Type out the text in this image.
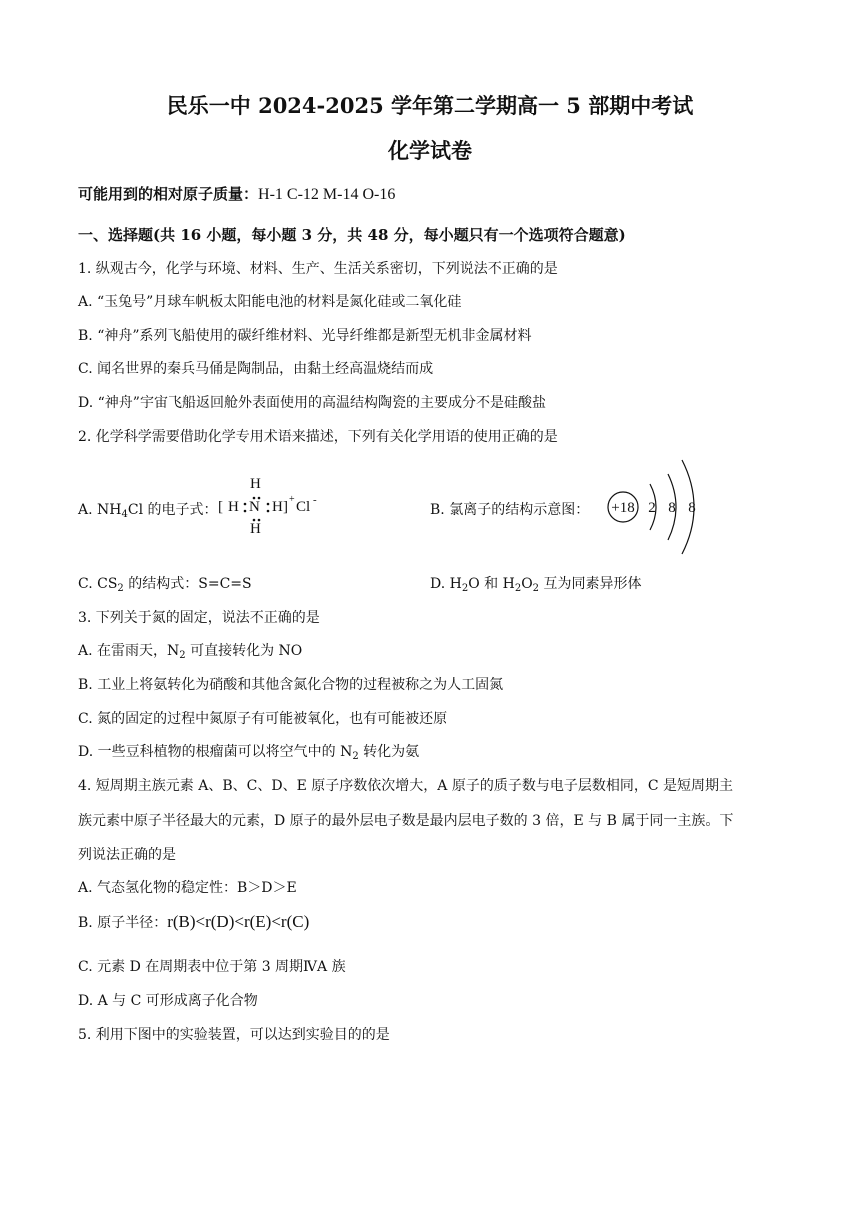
民乐一中 2024-2025 学年第二学期高一 5 部期中考试
化学试卷
可能用到的相对原子质量：H-1 C-12 M-14 O-16
一、选择题(共 16 小题，每小题 3 分，共 48 分，每小题只有一个选项符合题意)
1. 纵观古今，化学与环境、材料、生产、生活关系密切，下列说法不正确的是
A. “玉兔号”月球车帆板太阳能电池的材料是氮化硅或二氧化硅
B. “神舟”系列飞船使用的碳纤维材料、光导纤维都是新型无机非金属材料
C. 闻名世界的秦兵马俑是陶制品，由黏土经高温烧结而成
D. “神舟”宇宙飞船返回舱外表面使用的高温结构陶瓷的主要成分不是硅酸盐
2. 化学科学需要借助化学专用术语来描述，下列有关化学用语的使用正确的是
A. $NH_4Cl$ 的电子式： [
H
H N H
H
] + Cl -
B. 氯离子的结构示意图： +18 2 8 8
C. $CS_2$ 的结构式：S=C=S	D. $H_2O$ 和 $H_2O_2$ 互为同素异形体
3. 下列关于氮的固定，说法不正确的是
A. 在雷雨天，$N_2$ 可直接转化为 NO
B. 工业上将氨转化为硝酸和其他含氮化合物的过程被称之为人工固氮
C. 氮的固定的过程中氮原子有可能被氧化，也有可能被还原
D. 一些豆科植物的根瘤菌可以将空气中的 $N_2$ 转化为氨
4. 短周期主族元素 A、B、C、D、E 原子序数依次增大，A 原子的质子数与电子层数相同，C 是短周期主
族元素中原子半径最大的元素，D 原子的最外层电子数是最内层电子数的 3 倍，E 与 B 属于同一主族。下
列说法正确的是
A. 气态氢化物的稳定性：B＞D＞E
B. 原子半径：r(B)<r(D)<r(E)<r(C)
C. 元素 D 在周期表中位于第 3 周期ⅣA 族
D. A 与 C 可形成离子化合物
5. 利用下图中的实验装置，可以达到实验目的的是
